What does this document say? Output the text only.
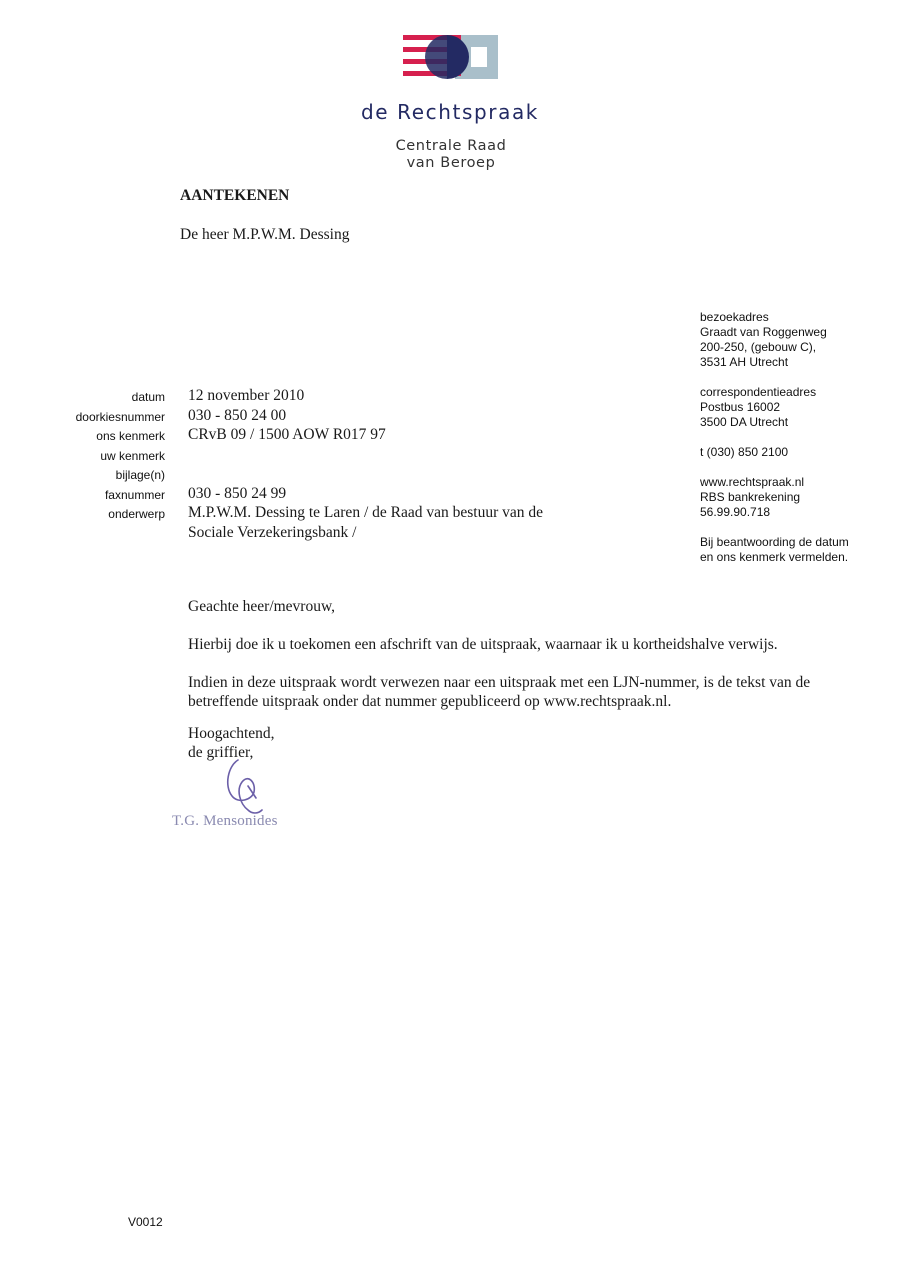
de Rechtspraak
Centrale Raad
van Beroep
AANTEKENEN
De heer M.P.W.M. Dessing
bezoekadres
Graadt van Roggenweg
200-250, (gebouw C),
3531 AH Utrecht
correspondentieadres
Postbus 16002
3500 DA Utrecht
t (030) 850 2100
www.rechtspraak.nl
RBS bankrekening
56.99.90.718
Bij beantwoording de datum
en ons kenmerk vermelden.
datum 12 november 2010
doorkiesnummer 030 - 850 24 00
ons kenmerk CRvB 09 / 1500 AOW R017 97
uw kenmerk
bijlage(n)
faxnummer 030 - 850 24 99
onderwerp M.P.W.M. Dessing te Laren / de Raad van bestuur van de
Sociale Verzekeringsbank /

Geachte heer/mevrouw,

Hierbij doe ik u toekomen een afschrift van de uitspraak, waarnaar ik u kortheidshalve verwijs.

Indien in deze uitspraak wordt verwezen naar een uitspraak met een LJN-nummer, is de tekst van de betreffende uitspraak onder dat nummer gepubliceerd op www.rechtspraak.nl.

Hoogachtend,
de griffier,
T.G. Mensonides
V0012
